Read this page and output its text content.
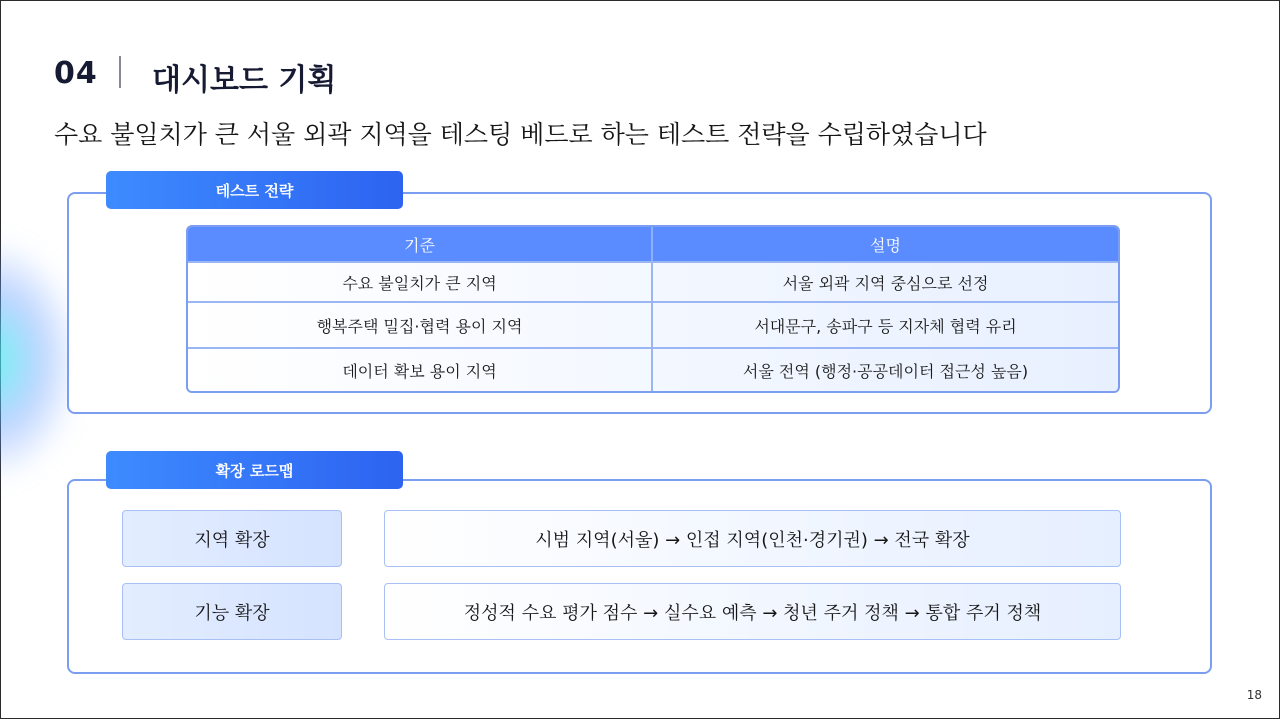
04 대시보드 기획
수요 불일치가 큰 서울 외곽 지역을 테스팅 베드로 하는 테스트 전략을 수립하였습니다
테스트 전략
기준	설명
수요 불일치가 큰 지역	서울 외곽 지역 중심으로 선정
행복주택 밀집·협력 용이 지역	서대문구, 송파구 등 지자체 협력 유리
데이터 확보 용이 지역	서울 전역 (행정·공공데이터 접근성 높음)
확장 로드맵
지역 확장	시범 지역(서울) → 인접 지역(인천·경기권) → 전국 확장
기능 확장	정성적 수요 평가 점수 → 실수요 예측 → 청년 주거 정책 → 통합 주거 정책
18
